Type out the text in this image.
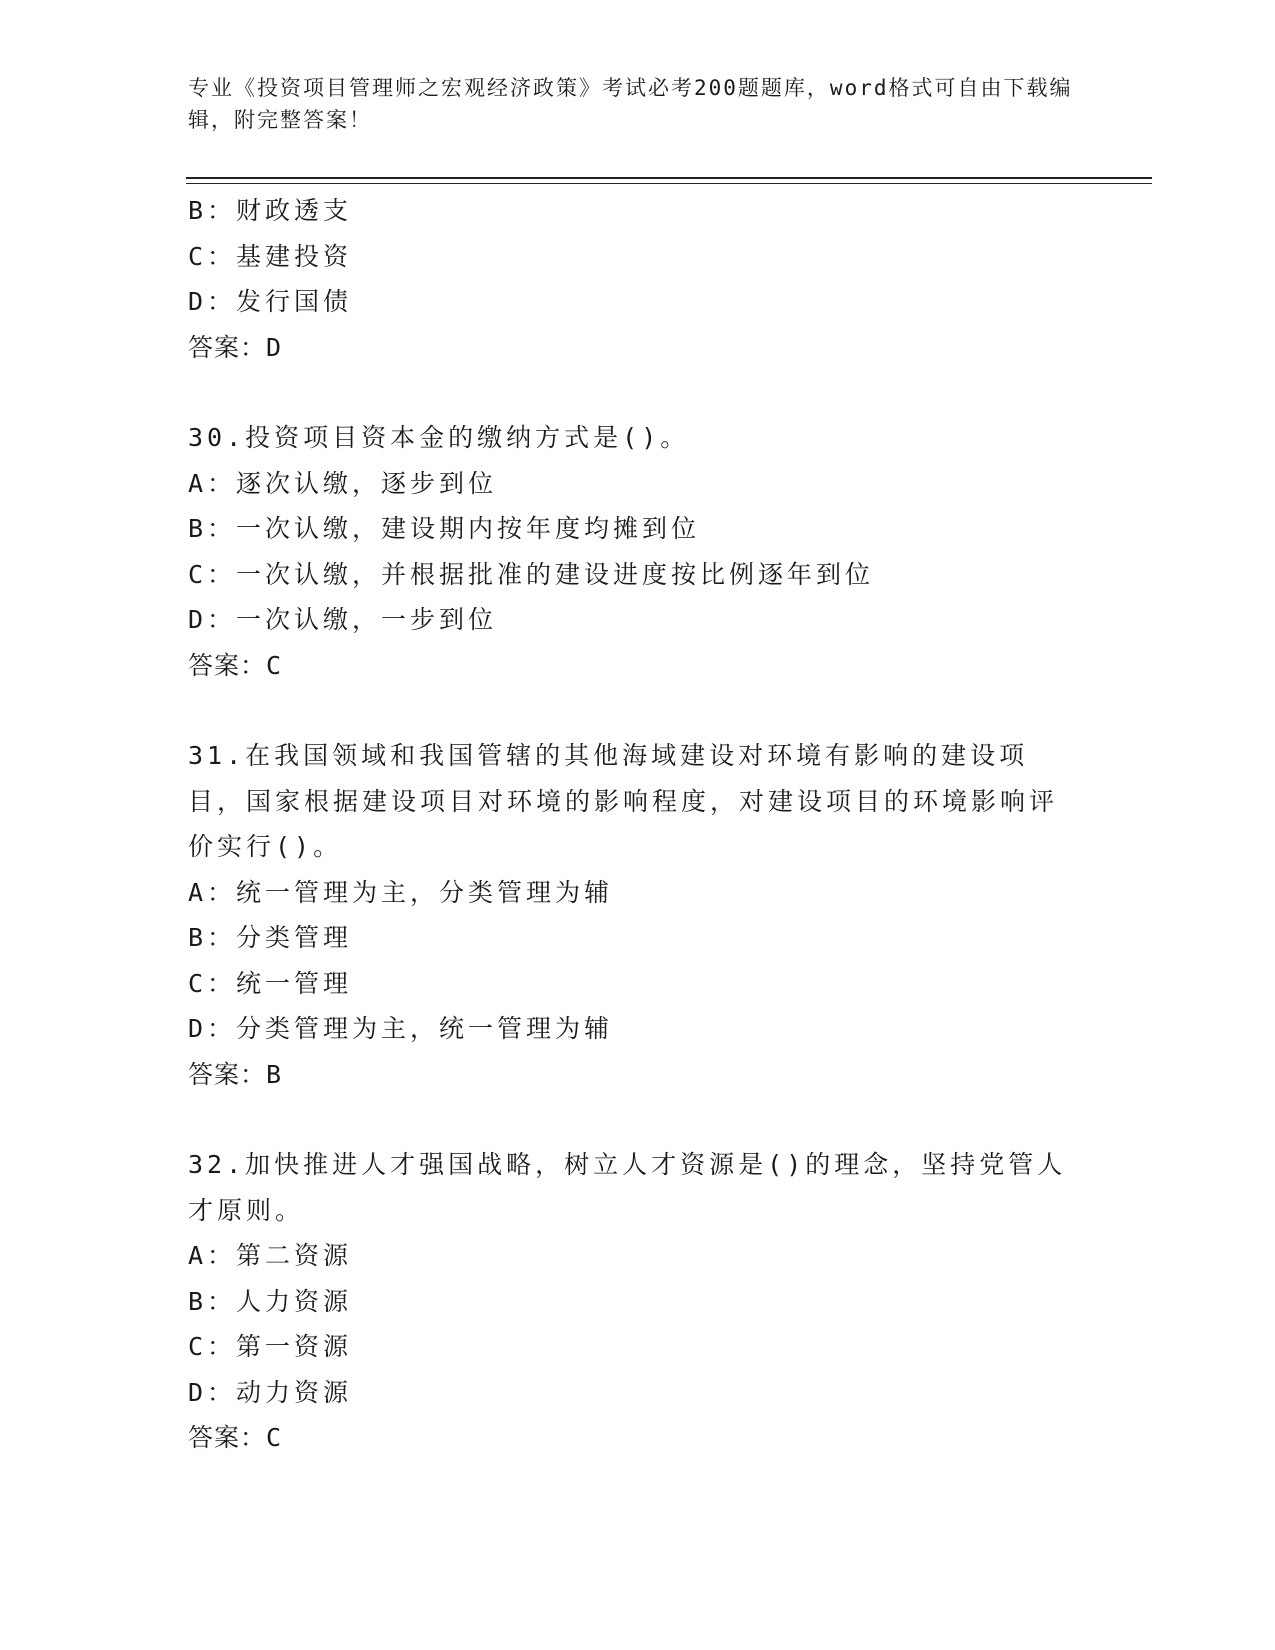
专业《投资项目管理师之宏观经济政策》考试必考200题题库，word格式可自由下载编辑，附完整答案！
B：财政透支
C：基建投资
D：发行国债
答案：D
30.投资项目资本金的缴纳方式是()。
A：逐次认缴，逐步到位
B：一次认缴，建设期内按年度均摊到位
C：一次认缴，并根据批准的建设进度按比例逐年到位
D：一次认缴，一步到位
答案：C
31.在我国领域和我国管辖的其他海域建设对环境有影响的建设项目，国家根据建设项目对环境的影响程度，对建设项目的环境影响评价实行()。
A：统一管理为主，分类管理为辅
B：分类管理
C：统一管理
D：分类管理为主，统一管理为辅
答案：B
32.加快推进人才强国战略，树立人才资源是()的理念，坚持党管人才原则。
A：第二资源
B：人力资源
C：第一资源
D：动力资源
答案：C
